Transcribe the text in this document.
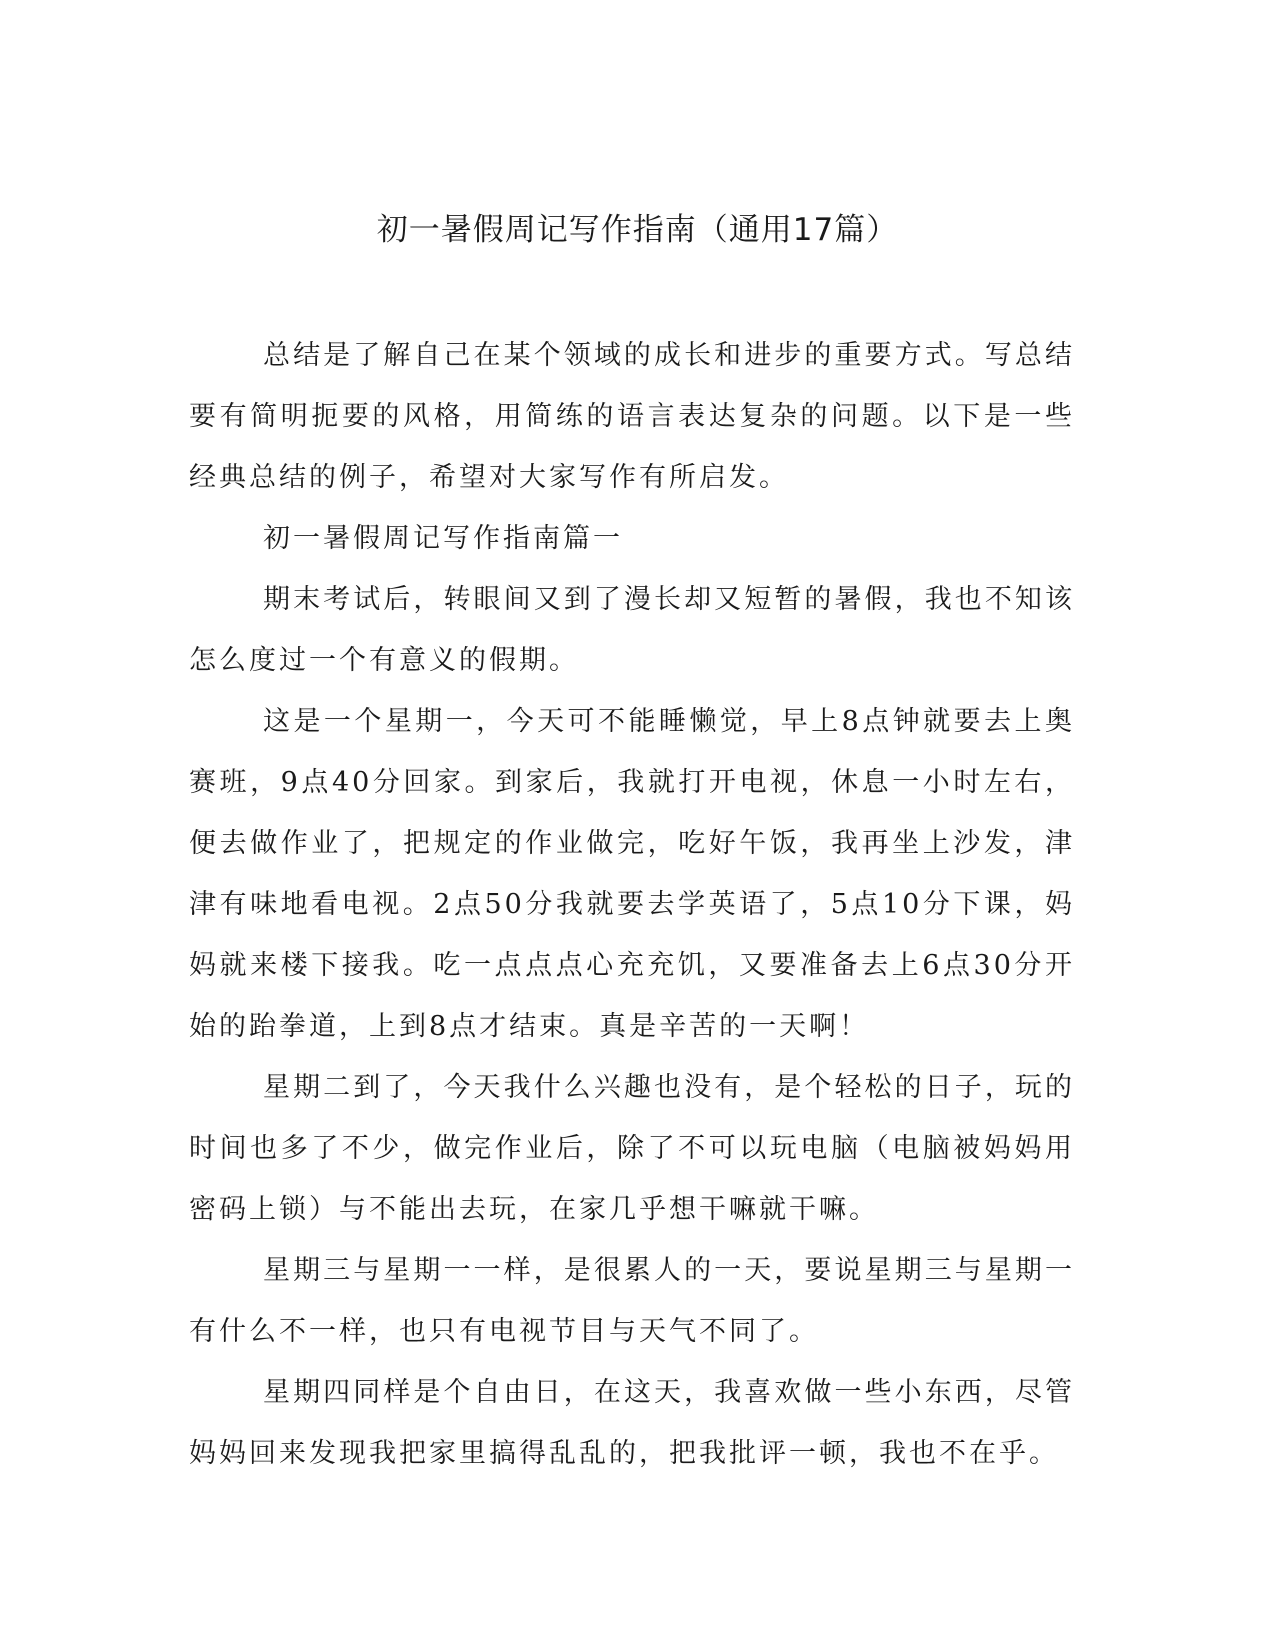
初一暑假周记写作指南（通用17篇）

总结是了解自己在某个领域的成长和进步的重要方式。写总结要有简明扼要的风格，用简练的语言表达复杂的问题。以下是一些经典总结的例子，希望对大家写作有所启发。

初一暑假周记写作指南篇一

期末考试后，转眼间又到了漫长却又短暂的暑假，我也不知该怎么度过一个有意义的假期。

这是一个星期一，今天可不能睡懒觉，早上8点钟就要去上奥赛班，9点40分回家。到家后，我就打开电视，休息一小时左右，便去做作业了，把规定的作业做完，吃好午饭，我再坐上沙发，津津有味地看电视。2点50分我就要去学英语了，5点10分下课，妈妈就来楼下接我。吃一点点点心充充饥，又要准备去上6点30分开始的跆拳道，上到8点才结束。真是辛苦的一天啊！

星期二到了，今天我什么兴趣也没有，是个轻松的日子，玩的时间也多了不少，做完作业后，除了不可以玩电脑（电脑被妈妈用密码上锁）与不能出去玩，在家几乎想干嘛就干嘛。

星期三与星期一一样，是很累人的一天，要说星期三与星期一有什么不一样，也只有电视节目与天气不同了。

星期四同样是个自由日，在这天，我喜欢做一些小东西，尽管妈妈回来发现我把家里搞得乱乱的，把我批评一顿，我也不在乎。
